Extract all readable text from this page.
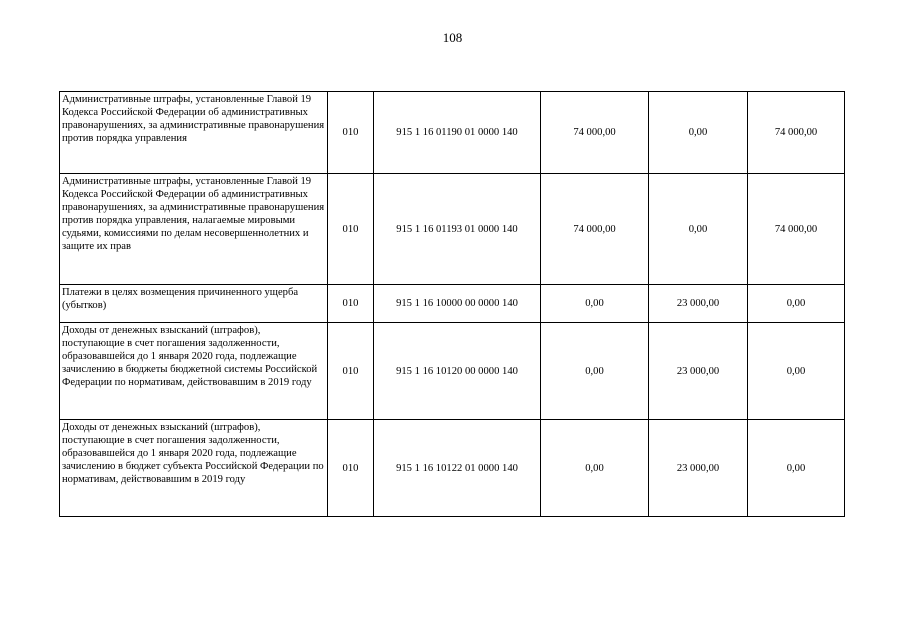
108
Административные штрафы, установленные Главой 19 Кодекса Российской Федерации об административных правонарушениях, за административные правонарушения против порядка управления	010	915 1 16 01190 01 0000 140	74 000,00	0,00	74 000,00
Административные штрафы, установленные Главой 19 Кодекса Российской Федерации об административных правонарушениях, за административные правонарушения против порядка управления, налагаемые мировыми судьями, комиссиями по делам несовершеннолетних и защите их прав	010	915 1 16 01193 01 0000 140	74 000,00	0,00	74 000,00
Платежи в целях возмещения причиненного ущерба (убытков)	010	915 1 16 10000 00 0000 140	0,00	23 000,00	0,00
Доходы от денежных взысканий (штрафов), поступающие в счет погашения задолженности, образовавшейся до 1 января 2020 года, подлежащие зачислению в бюджеты бюджетной системы Российской Федерации по нормативам, действовавшим в 2019 году	010	915 1 16 10120 00 0000 140	0,00	23 000,00	0,00
Доходы от денежных взысканий (штрафов), поступающие в счет погашения задолженности, образовавшейся до 1 января 2020 года, подлежащие зачислению в бюджет субъекта Российской Федерации по нормативам, действовавшим в 2019 году	010	915 1 16 10122 01 0000 140	0,00	23 000,00	0,00
